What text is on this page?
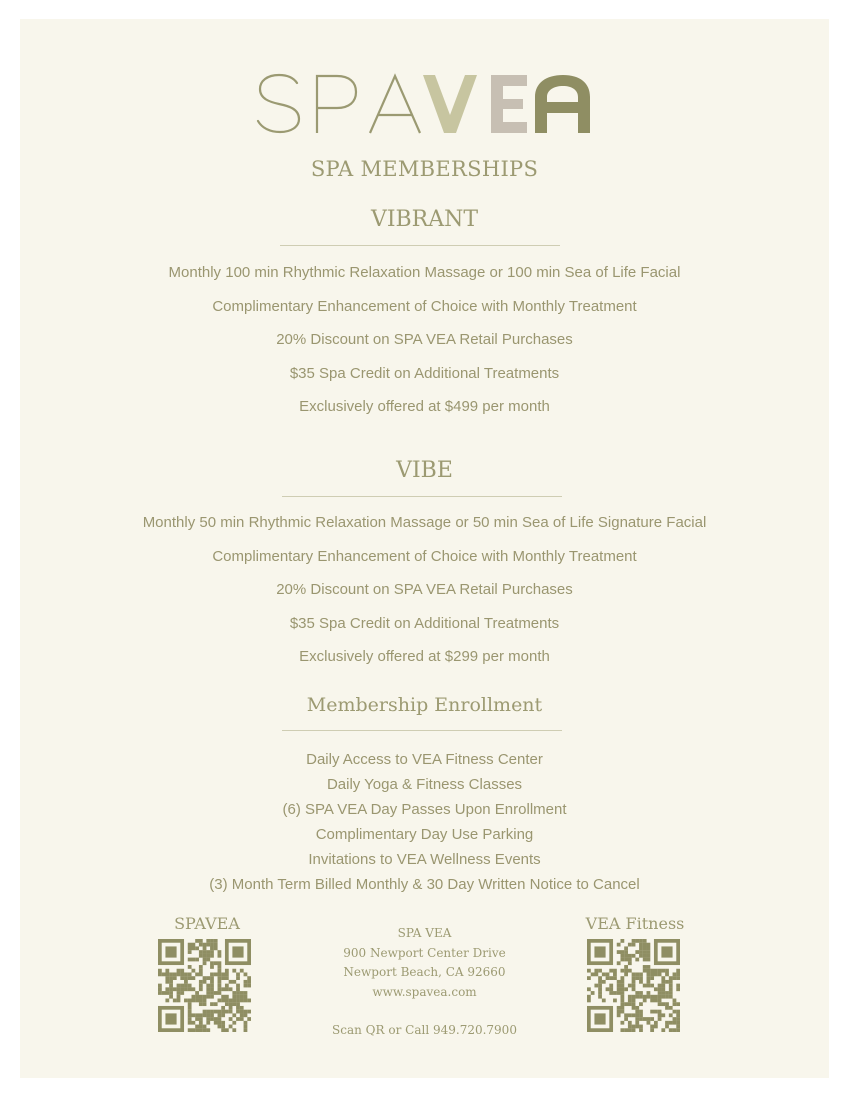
SPA MEMBERSHIPS
VIBRANT
Monthly 100 min Rhythmic Relaxation Massage or 100 min Sea of Life Facial
Complimentary Enhancement of Choice with Monthly Treatment
20% Discount on SPA VEA Retail Purchases
$35 Spa Credit on Additional Treatments
Exclusively offered at $499 per month
VIBE
Monthly 50 min Rhythmic Relaxation Massage or 50 min Sea of Life Signature Facial
Complimentary Enhancement of Choice with Monthly Treatment
20% Discount on SPA VEA Retail Purchases
$35 Spa Credit on Additional Treatments
Exclusively offered at $299 per month
Membership Enrollment
Daily Access to VEA Fitness Center
Daily Yoga & Fitness Classes
(6) SPA VEA Day Passes Upon Enrollment
Complimentary Day Use Parking
Invitations to VEA Wellness Events
(3) Month Term Billed Monthly & 30 Day Written Notice to Cancel
SPAVEA	SPA VEA
900 Newport Center Drive
Newport Beach, CA 92660
www.spavea.com
Scan QR or Call 949.720.7900
VEA Fitness
